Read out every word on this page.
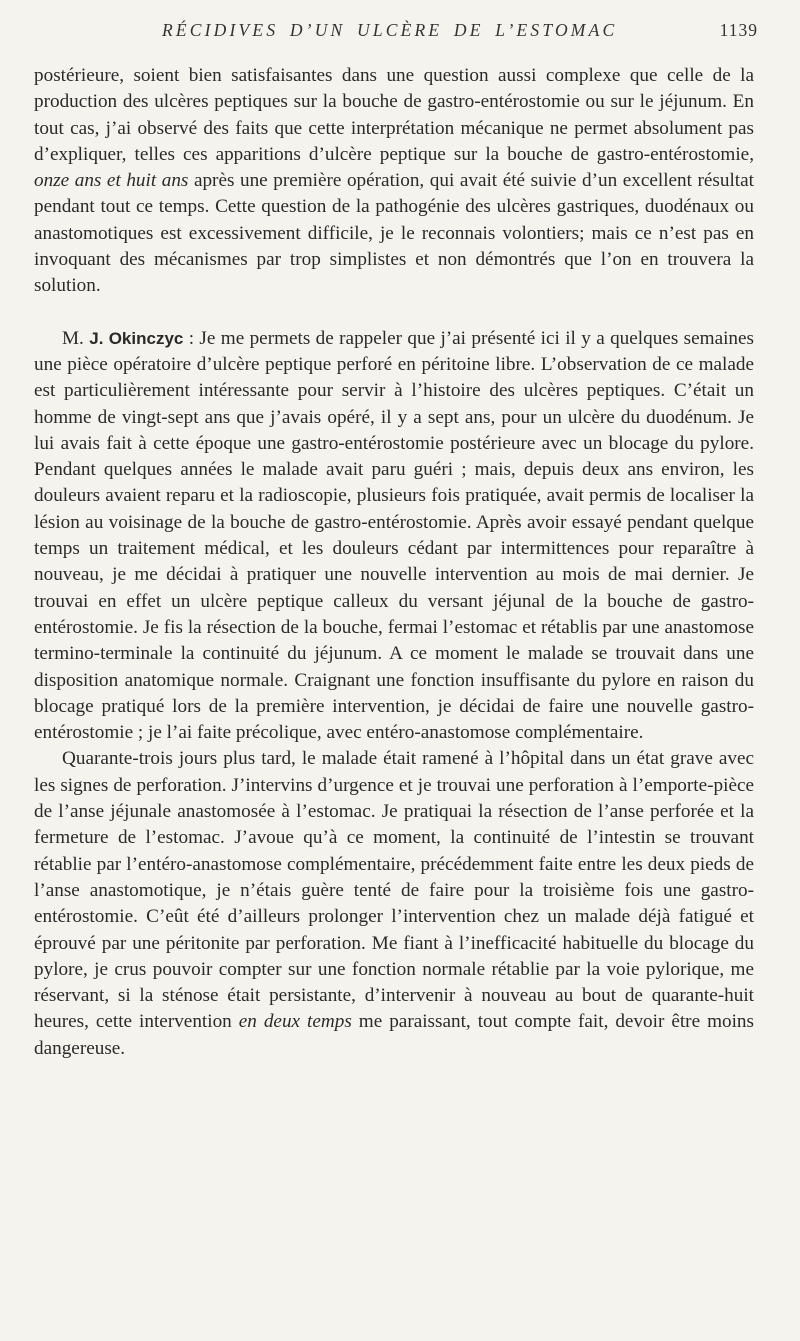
RÉCIDIVES D’UN ULCÈRE DE L’ESTOMAC	1139

postérieure, soient bien satisfaisantes dans une question aussi complexe que celle de la production des ulcères peptiques sur la bouche de gastro-entérostomie ou sur le jéjunum. En tout cas, j’ai observé des faits que cette interprétation mécanique ne permet absolument pas d’expliquer, telles ces apparitions d’ulcère peptique sur la bouche de gastro-entérostomie, onze ans et huit ans après une première opération, qui avait été suivie d’un excellent résultat pendant tout ce temps. Cette question de la pathogénie des ulcères gastriques, duodénaux ou anastomotiques est excessivement difficile, je le reconnais volontiers; mais ce n’est pas en invoquant des mécanismes par trop simplistes et non démontrés que l’on en trouvera la solution.

M. J. Okinczyc : Je me permets de rappeler que j’ai présenté ici il y a quelques semaines une pièce opératoire d’ulcère peptique perforé en péritoine libre. L’observation de ce malade est particulièrement intéressante pour servir à l’histoire des ulcères peptiques. C’était un homme de vingt-sept ans que j’avais opéré, il y a sept ans, pour un ulcère du duodénum. Je lui avais fait à cette époque une gastro-entérostomie postérieure avec un blocage du pylore. Pendant quelques années le malade avait paru guéri ; mais, depuis deux ans environ, les douleurs avaient reparu et la radioscopie, plusieurs fois pratiquée, avait permis de localiser la lésion au voisinage de la bouche de gastro-entérostomie. Après avoir essayé pendant quelque temps un traitement médical, et les douleurs cédant par intermittences pour reparaître à nouveau, je me décidai à pratiquer une nouvelle intervention au mois de mai dernier. Je trouvai en effet un ulcère peptique calleux du versant jéjunal de la bouche de gastro-entérostomie. Je fis la résection de la bouche, fermai l’estomac et rétablis par une anastomose termino-terminale la continuité du jéjunum. A ce moment le malade se trouvait dans une disposition anatomique normale. Craignant une fonction insuffisante du pylore en raison du blocage pratiqué lors de la première intervention, je décidai de faire une nouvelle gastro-entérostomie ; je l’ai faite précolique, avec entéro-anastomose complémentaire.

Quarante-trois jours plus tard, le malade était ramené à l’hôpital dans un état grave avec les signes de perforation. J’intervins d’urgence et je trouvai une perforation à l’emporte-pièce de l’anse jéjunale anastomosée à l’estomac. Je pratiquai la résection de l’anse perforée et la fermeture de l’estomac. J’avoue qu’à ce moment, la continuité de l’intestin se trouvant rétablie par l’entéro-anastomose complémentaire, précédemment faite entre les deux pieds de l’anse anastomotique, je n’étais guère tenté de faire pour la troisième fois une gastro-entérostomie. C’eût été d’ailleurs prolonger l’intervention chez un malade déjà fatigué et éprouvé par une péritonite par perforation. Me fiant à l’inefficacité habituelle du blocage du pylore, je crus pouvoir compter sur une fonction normale rétablie par la voie pylorique, me réservant, si la sténose était persistante, d’intervenir à nouveau au bout de quarante-huit heures, cette intervention en deux temps me paraissant, tout compte fait, devoir être moins dangereuse.
